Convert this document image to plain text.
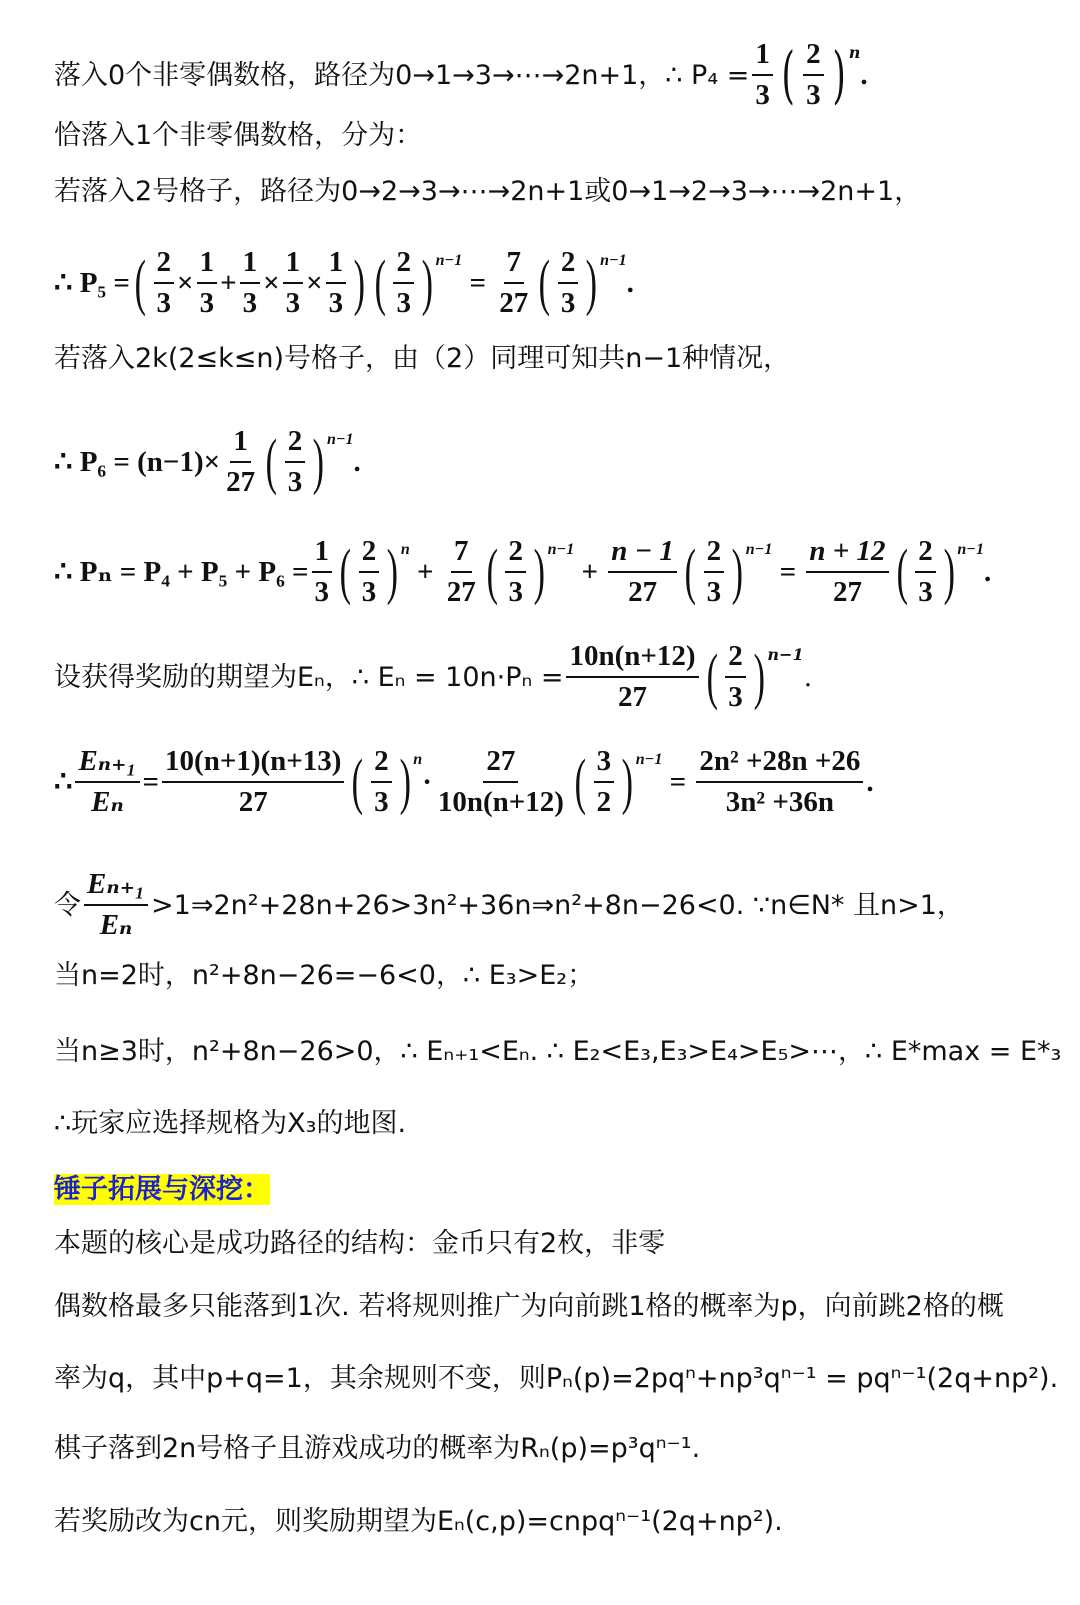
落入0个非零偶数格，路径为0→1→3→⋯→2n+1，∴ $P_4 = \frac{1}{3}$ ( $\frac{2}{3}$ ) n
.
恰落入1个非零偶数格，分为：
若落入2号格子，路径为0→2→3→⋯→2n+1或0→1→2→3→⋯→2n+1，
∴ P₅ = ( $\frac{2}{3} \times \frac{1}{3} + \frac{1}{3} \times \frac{1}{3} \times \frac{1}{3}$ ) ( $\frac{2}{3}$ ) n−1
= $\frac{7}{27}$ ( $\frac{2}{3}$ ) n−1
.
若落入2k(2≤k≤n)号格子，由（2）同理可知共n−1种情况，
∴ $P_6 = (n-1)\times \frac{1}{27}$ ( $\frac{2}{3}$ ) n−1
.
∴ $P_n = P_4 + P_5 + P_6 = \frac{1}{3}$ ( $\frac{2}{3}$ ) n
+ $\frac{7}{27}$ ( $\frac{2}{3}$ ) n−1
+ $\frac{n - 1}{27}$ ( $\frac{2}{3}$ ) n−1
= $\frac{n + 12}{27}$ ( $\frac{2}{3}$ ) n−1
.
设获得奖励的期望为Eₙ，∴ $E_n = 10n\cdot P_n = \frac{10n(n+12)}{27}$ ( $\frac{2}{3}$ ) n−1
.
∴ $\frac{\text{Eₙ₊₁}}{\text{Eₙ}} = \frac{10(n+1)(n+13)}{27}$ ( $\frac{2}{3}$ ) n
· $\frac{27}{10n(n+12)}$ ( $\frac{3}{2}$ ) n−1
= $\frac{\text{2n² +28n +26}}{\text{3n² +36n}}$ .
令 $\frac{\text{Eₙ₊₁}}{\text{Eₙ}}$ >1⇒2n²+28n+26>3n²+36n⇒n²+8n−26<0. ∵n∈N* 且n>1，
当n=2时，n²+8n−26=−6<0，∴ E₃>E₂；
当n≥3时，n²+8n−26>0，∴ Eₙ₊₁<Eₙ. ∴ E₂<E₃,E₃>E₄>E₅>⋯，∴ E*max = E*₃
∴玩家应选择规格为X₃的地图.
锤子拓展与深挖：
本题的核心是成功路径的结构：金币只有2枚，非零
偶数格最多只能落到1次. 若将规则推广为向前跳1格的概率为p，向前跳2格的概
率为q，其中p+q=1，其余规则不变，则Pₙ(p)=2pqⁿ+np³qⁿ⁻¹ = pqⁿ⁻¹(2q+np²).
棋子落到2n号格子且游戏成功的概率为Rₙ(p)=p³qⁿ⁻¹.
若奖励改为cn元，则奖励期望为Eₙ(c,p)=cnpqⁿ⁻¹(2q+np²).
